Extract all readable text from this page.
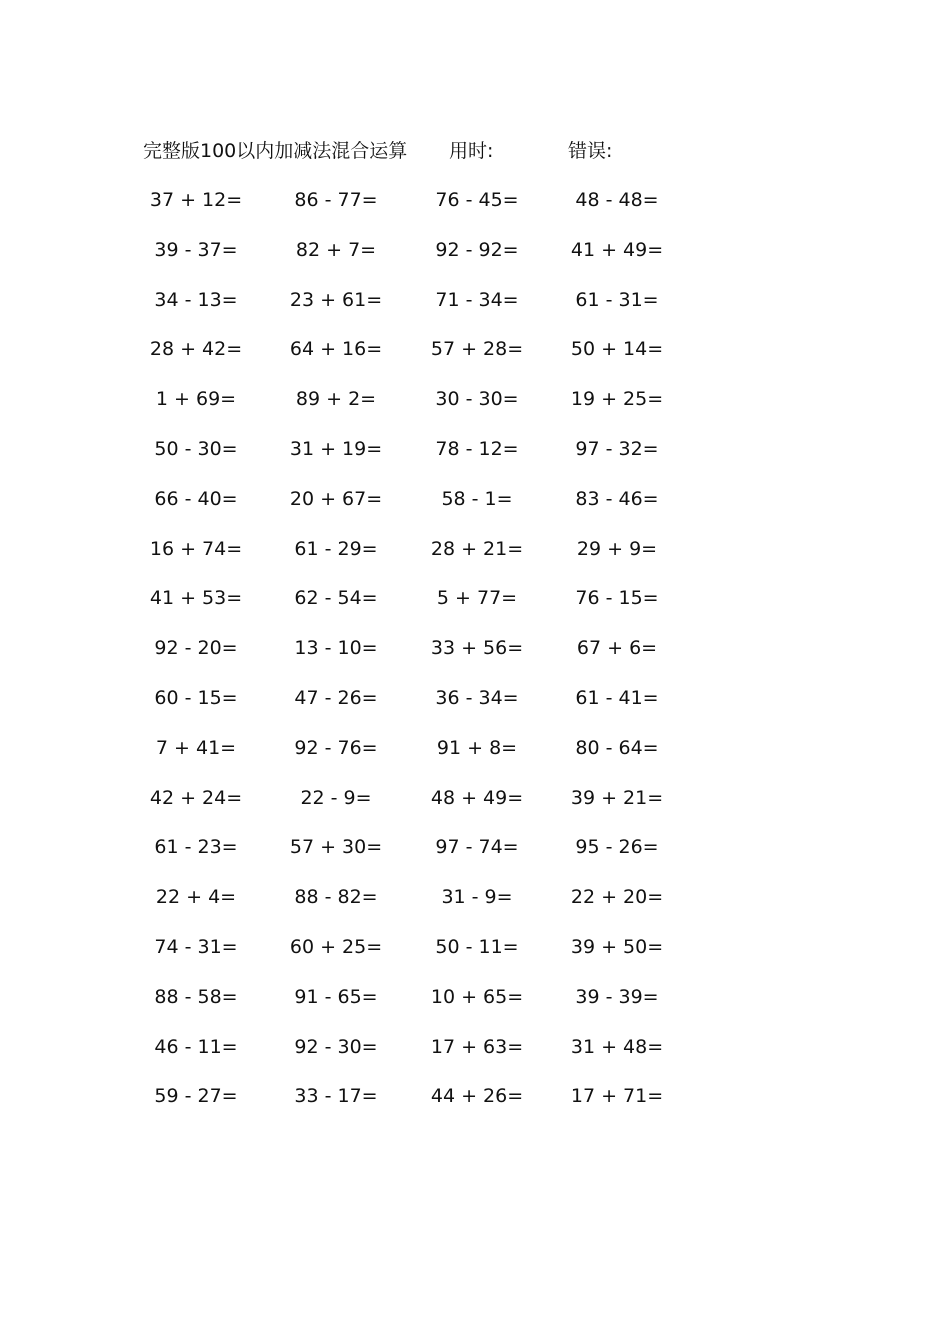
完整版100以内加减法混合运算 用时:	错误:
37 + 12=	86 - 77=	76 - 45=	48 - 48=
39 - 37=	82 + 7=	92 - 92=	41 + 49=
34 - 13=	23 + 61=	71 - 34=	61 - 31=
28 + 42=	64 + 16=	57 + 28=	50 + 14=
1 + 69=	89 + 2=	30 - 30=	19 + 25=
50 - 30=	31 + 19=	78 - 12=	97 - 32=
66 - 40=	20 + 67=	58 - 1=	83 - 46=
16 + 74=	61 - 29=	28 + 21=	29 + 9=
41 + 53=	62 - 54=	5 + 77=	76 - 15=
92 - 20=	13 - 10=	33 + 56=	67 + 6=
60 - 15=	47 - 26=	36 - 34=	61 - 41=
7 + 41=	92 - 76=	91 + 8=	80 - 64=
42 + 24=	22 - 9=	48 + 49=	39 + 21=
61 - 23=	57 + 30=	97 - 74=	95 - 26=
22 + 4=	88 - 82=	31 - 9=	22 + 20=
74 - 31=	60 + 25=	50 - 11=	39 + 50=
88 - 58=	91 - 65=	10 + 65=	39 - 39=
46 - 11=	92 - 30=	17 + 63=	31 + 48=
59 - 27=	33 - 17=	44 + 26=	17 + 71=
